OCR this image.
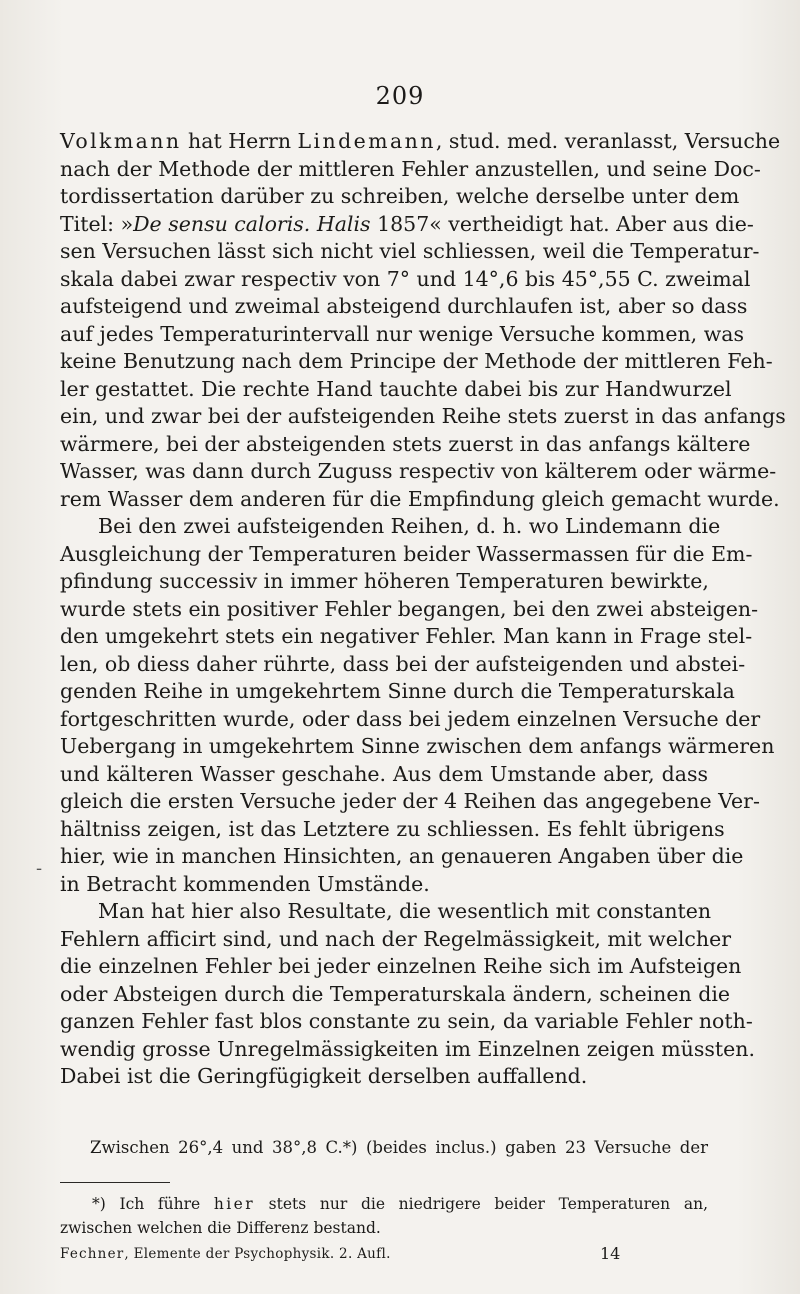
209
-
Volkmann hat Herrn Lindemann, stud. med. veranlasst, Versuche
nach der Methode der mittleren Fehler anzustellen, und seine Doc-
tordissertation darüber zu schreiben, welche derselbe unter dem
Titel: »De sensu caloris. Halis 1857« vertheidigt hat. Aber aus die-
sen Versuchen lässt sich nicht viel schliessen, weil die Temperatur-
skala dabei zwar respectiv von 7° und 14°,6 bis 45°,55 C. zweimal
aufsteigend und zweimal absteigend durchlaufen ist, aber so dass
auf jedes Temperaturintervall nur wenige Versuche kommen, was
keine Benutzung nach dem Principe der Methode der mittleren Feh-
ler gestattet. Die rechte Hand tauchte dabei bis zur Handwurzel
ein, und zwar bei der aufsteigenden Reihe stets zuerst in das anfangs
wärmere, bei der absteigenden stets zuerst in das anfangs kältere
Wasser, was dann durch Zuguss respectiv von kälterem oder wärme-
rem Wasser dem anderen für die Empfindung gleich gemacht wurde.
Bei den zwei aufsteigenden Reihen, d. h. wo Lindemann die
Ausgleichung der Temperaturen beider Wassermassen für die Em-
pfindung successiv in immer höheren Temperaturen bewirkte,
wurde stets ein positiver Fehler begangen, bei den zwei absteigen-
den umgekehrt stets ein negativer Fehler. Man kann in Frage stel-
len, ob diess daher rührte, dass bei der aufsteigenden und abstei-
genden Reihe in umgekehrtem Sinne durch die Temperaturskala
fortgeschritten wurde, oder dass bei jedem einzelnen Versuche der
Uebergang in umgekehrtem Sinne zwischen dem anfangs wärmeren
und kälteren Wasser geschahe. Aus dem Umstande aber, dass
gleich die ersten Versuche jeder der 4 Reihen das angegebene Ver-
hältniss zeigen, ist das Letztere zu schliessen. Es fehlt übrigens
hier, wie in manchen Hinsichten, an genaueren Angaben über die
in Betracht kommenden Umstände.
Man hat hier also Resultate, die wesentlich mit constanten
Fehlern afficirt sind, und nach der Regelmässigkeit, mit welcher
die einzelnen Fehler bei jeder einzelnen Reihe sich im Aufsteigen
oder Absteigen durch die Temperaturskala ändern, scheinen die
ganzen Fehler fast blos constante zu sein, da variable Fehler noth-
wendig grosse Unregelmässigkeiten im Einzelnen zeigen müssten.
Dabei ist die Geringfügigkeit derselben auffallend.
Zwischen 26°,4 und 38°,8 C.*) (beides inclus.) gaben 23 Versuche der
*) Ich führe hier stets nur die niedrigere beider Temperaturen an,
zwischen welchen die Differenz bestand.
Fechner, Elemente der Psychophysik. 2. Aufl.	14
